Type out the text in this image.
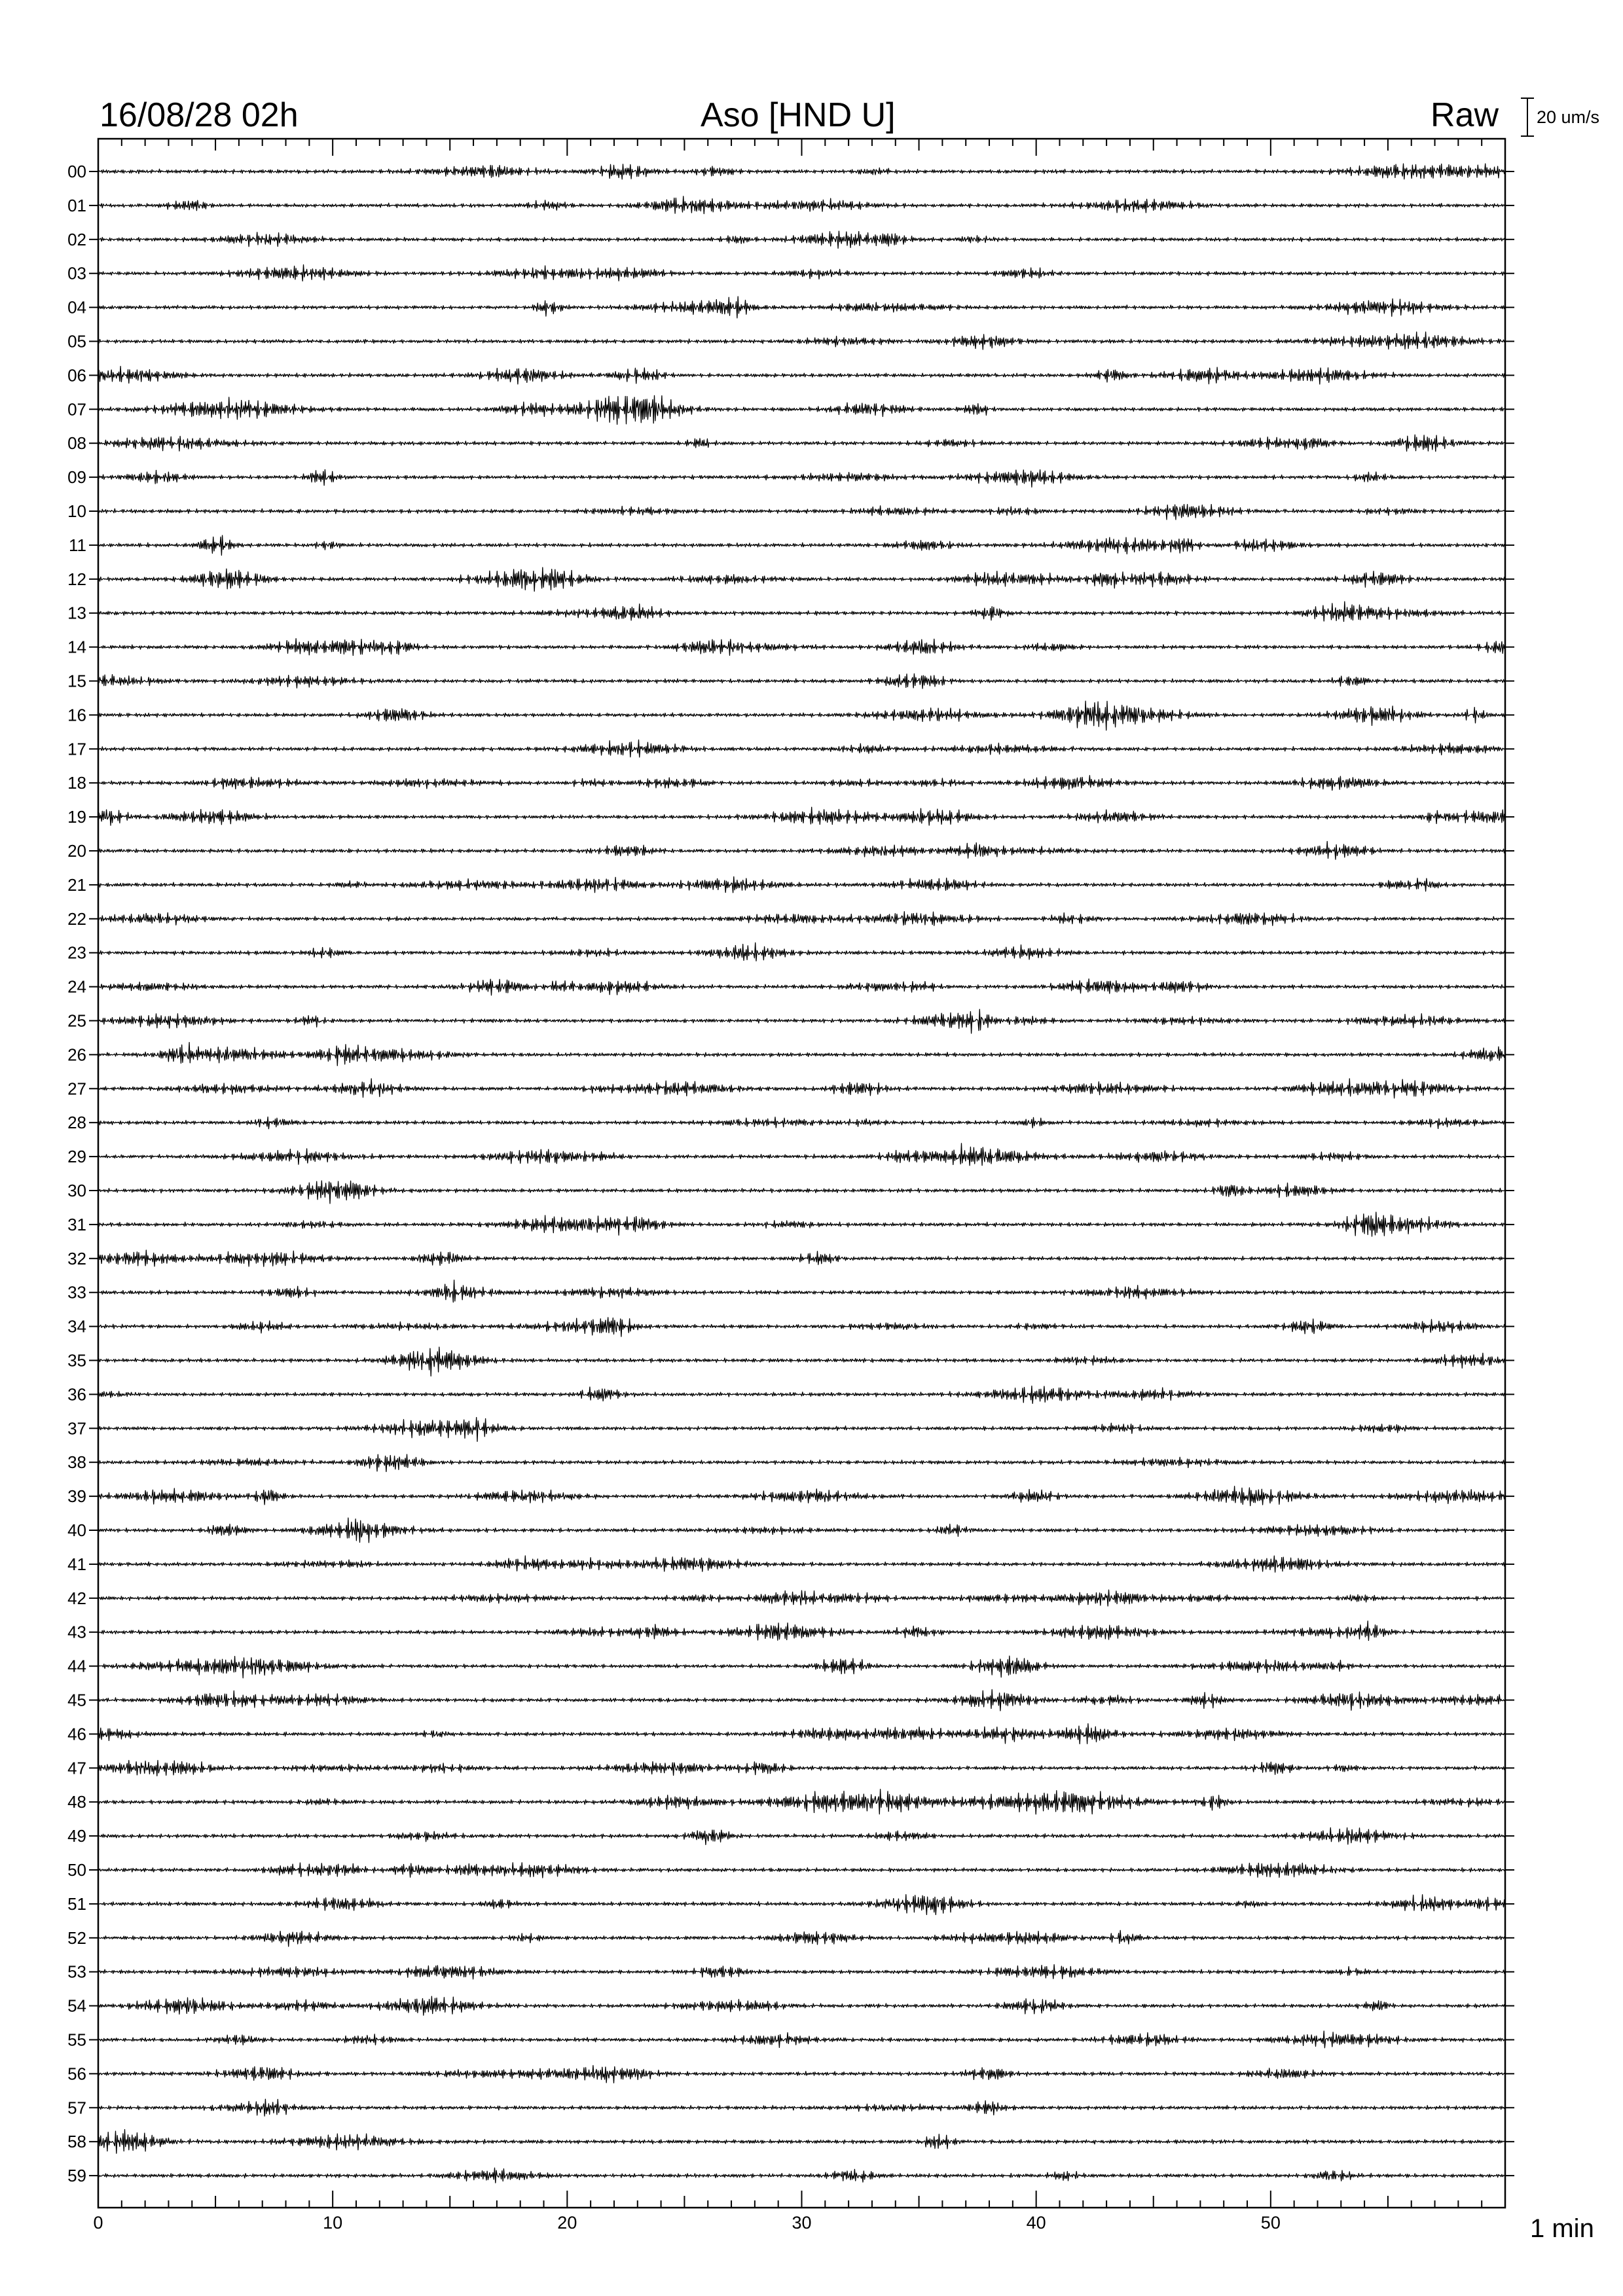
16/08/28 02h	Aso [HND U]	Raw 20 um/s
0	10	20	30	40	50	1 min
00
01
02
03
04
05
06
07
08
09
10
11
12
13
14
15
16
17
18
19
20
21
22
23
24
25
26
27
28
29
30
31
32
33
34
35
36
37
38
39
40
41
42
43
44
45
46
47
48
49
50
51
52
53
54
55
56
57
58
59
